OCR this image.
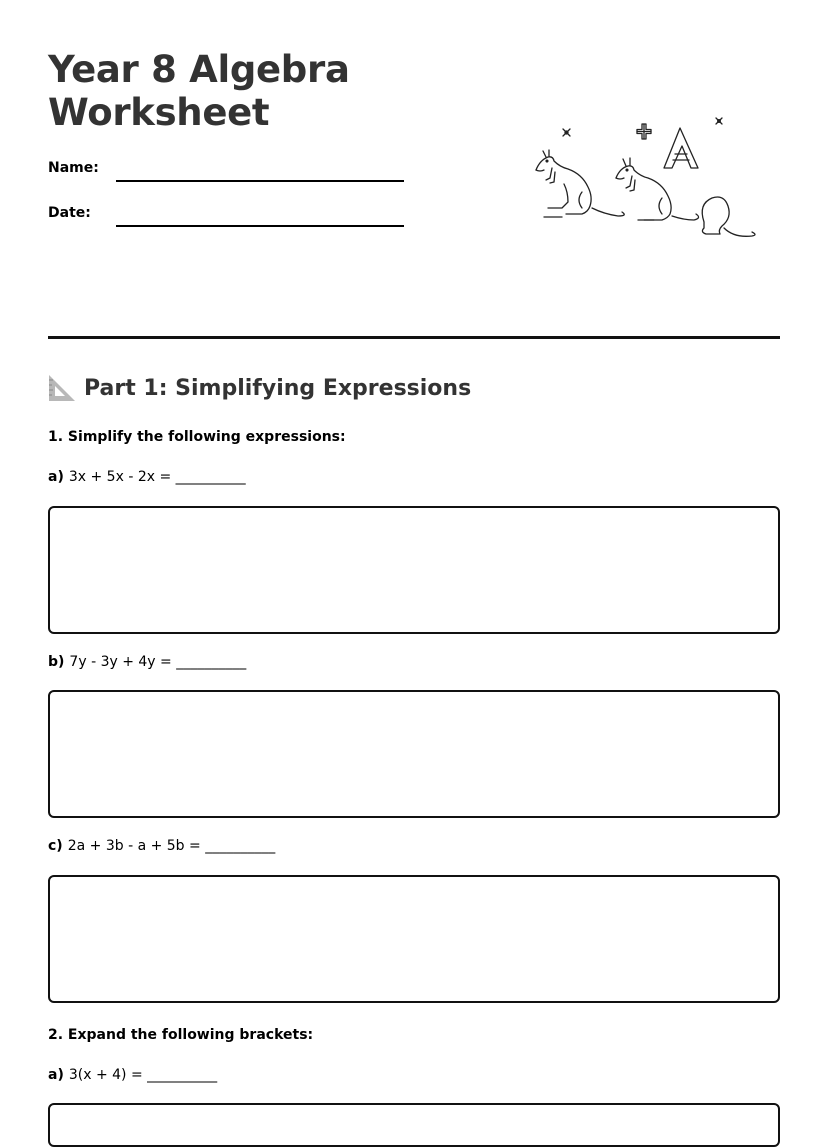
Year 8 Algebra
Worksheet
Name:
Date:
Part 1: Simplifying Expressions
1. Simplify the following expressions:
a) 3x + 5x - 2x = __________
b) 7y - 3y + 4y = __________
c) 2a + 3b - a + 5b = __________
2. Expand the following brackets:
a) 3(x + 4) = __________
